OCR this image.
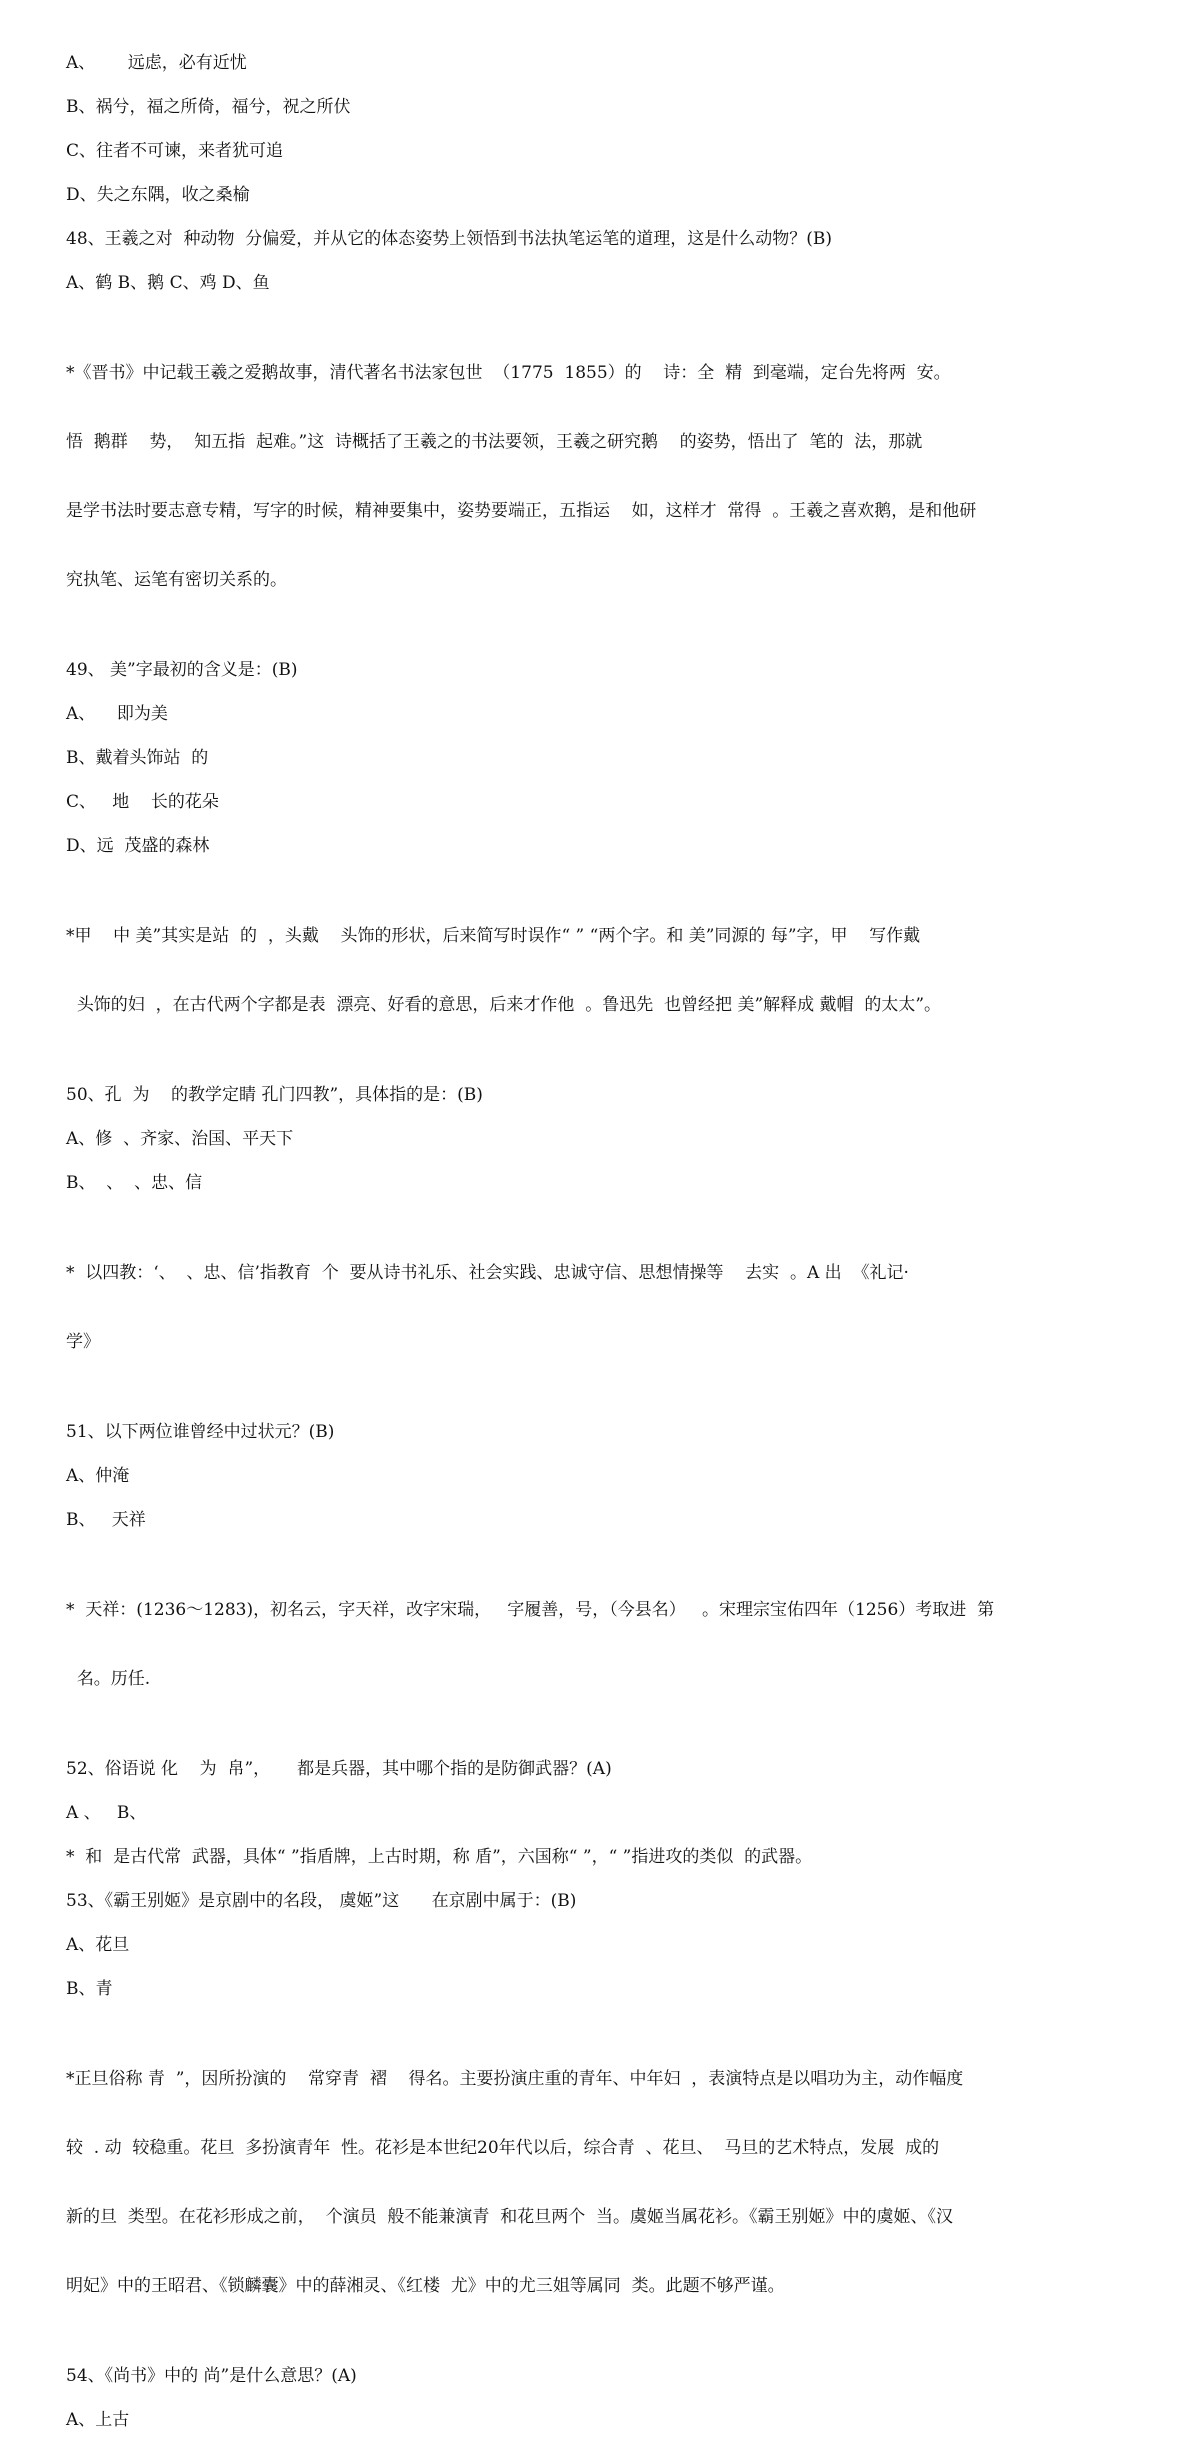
A、      远虑，必有近忧
B、祸兮，福之所倚，福兮，祝之所伏
C、往者不可谏，来者犹可追
D、失之东隅，收之桑榆
48、王羲之对  种动物  分偏爱，并从它的体态姿势上领悟到书法执笔运笔的道理，这是什么动物？(B)
A、鹤 B、鹅 C、鸡 D、鱼

*《晋书》中记载王羲之爱鹅故事，清代著名书法家包世  （1775  1855）的    诗：全  精  到毫端，定台先将两  安。

悟  鹅群    势，  知五指  起难。”这  诗概括了王羲之的书法要领，王羲之研究鹅    的姿势，悟出了  笔的  法，那就

是学书法时要志意专精，写字的时候，精神要集中，姿势要端正，五指运    如，这样才  常得  。王羲之喜欢鹅，是和他研

究执笔、运笔有密切关系的。

49、 美”字最初的含义是：(B)
A、    即为美
B、戴着头饰站  的
C、   地    长的花朵
D、远  茂盛的森林

*甲    中 美”其实是站  的  ，头戴    头饰的形状，后来简写时误作“ ” “两个字。和 美”同源的 每”字，甲    写作戴

头饰的妇  ，在古代两个字都是表  漂亮、好看的意思，后来才作他  。鲁迅先  也曾经把 美”解释成 戴帽  的太太”。

50、孔  为    的教学定睛 孔门四教”，具体指的是：(B)
A、修  、齐家、治国、平天下
B、  、  、忠、信

*  以四教：‘、  、忠、信’指教育  个  要从诗书礼乐、社会实践、忠诚守信、思想情操等    去实  。A 出  《礼记·

学》

51、以下两位谁曾经中过状元？(B)
A、仲淹
B、   天祥

*  天祥：(1236～1283)，初名云，字天祥，改字宋瑞，   字履善，号，（今县名）   。宋理宗宝佑四年（1256）考取进  第

名。历任.

52、俗语说 化    为  帛”，     都是兵器，其中哪个指的是防御武器？(A)
A 、   B、
*  和  是古代常  武器，具体“ ”指盾牌，上古时期，称 盾”，六国称“ ”，“ ”指进攻的类似  的武器。
53、《霸王别姬》是京剧中的名段， 虞姬”这      在京剧中属于：(B)
A、花旦
B、青

*正旦俗称 青  ”，因所扮演的    常穿青  褶    得名。主要扮演庄重的青年、中年妇  ，表演特点是以唱功为主，动作幅度

较  . 动  较稳重。花旦  多扮演青年  性。花衫是本世纪20年代以后，综合青  、花旦、  马旦的艺术特点，发展  成的

新的旦  类型。在花衫形成之前，  个演员  般不能兼演青  和花旦两个  当。虞姬当属花衫。《霸王别姬》中的虞姬、《汉

明妃》中的王昭君、《锁麟囊》中的薛湘灵、《红楼  尤》中的尤三姐等属同  类。此题不够严谨。

54、《尚书》中的 尚”是什么意思？(A)
A、上古
